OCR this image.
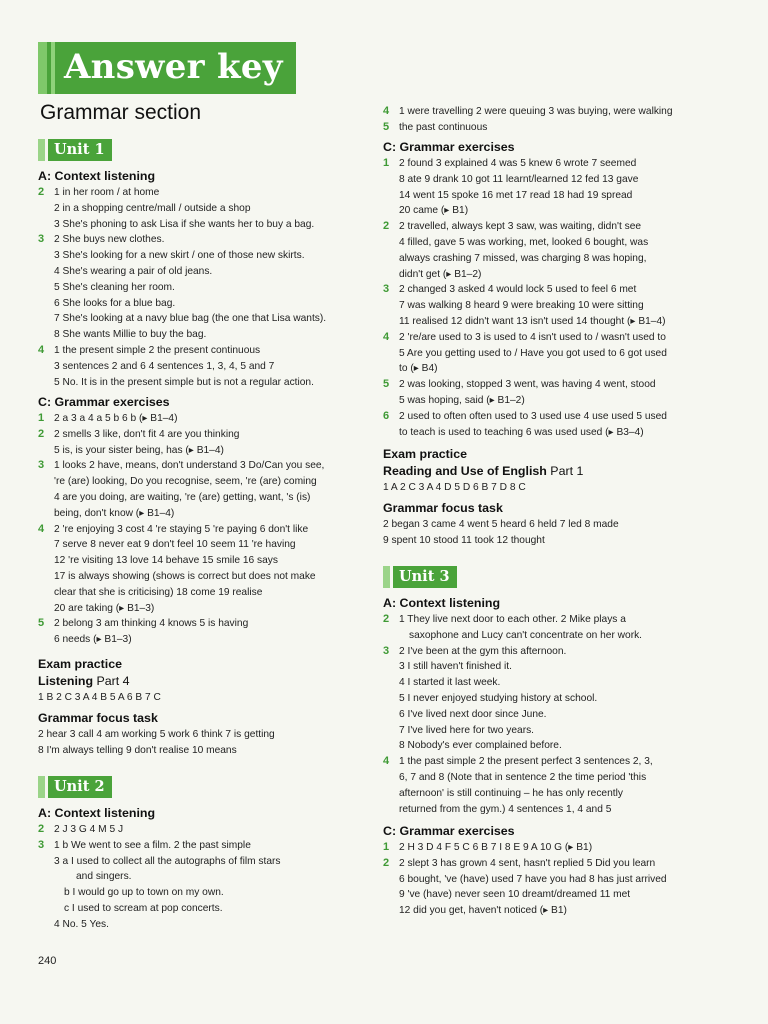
Answer key
Grammar section
Unit 1
A: Context listening
2 1 in her room / at home
2 in a shopping centre/mall / outside a shop
3 She's phoning to ask Lisa if she wants her to buy a bag.
3 2 She buys new clothes.
3 She's looking for a new skirt / one of those new skirts.
4 She's wearing a pair of old jeans.
5 She's cleaning her room.
6 She looks for a blue bag.
7 She's looking at a navy blue bag (the one that Lisa wants).
8 She wants Millie to buy the bag.
4 1 the present simple 2 the present continuous
3 sentences 2 and 6 4 sentences 1, 3, 4, 5 and 7
5 No. It is in the present simple but is not a regular action.
C: Grammar exercises
1 2 a 3 a 4 a 5 b 6 b (▸ B1–4)
2 2 smells 3 like, don't fit 4 are you thinking
5 is, is your sister being, has (▸ B1–4)
3 1 looks 2 have, means, don't understand 3 Do/Can you see,
're (are) looking, Do you recognise, seem, 're (are) coming
4 are you doing, are waiting, 're (are) getting, want, 's (is)
being, don't know (▸ B1–4)
4 2 're enjoying 3 cost 4 're staying 5 're paying 6 don't like
7 serve 8 never eat 9 don't feel 10 seem 11 're having
12 're visiting 13 love 14 behave 15 smile 16 says
17 is always showing (shows is correct but does not make
clear that she is criticising) 18 come 19 realise
20 are taking (▸ B1–3)
5 2 belong 3 am thinking 4 knows 5 is having
6 needs (▸ B1–3)
Exam practice
Listening Part 4
1 B 2 C 3 A 4 B 5 A 6 B 7 C
Grammar focus task
2 hear 3 call 4 am working 5 work 6 think 7 is getting
8 I'm always telling 9 don't realise 10 means
Unit 2
A: Context listening
2 2 J 3 G 4 M 5 J
3 1 b We went to see a film. 2 the past simple
3 a I used to collect all the autographs of film stars
and singers.
b I would go up to town on my own.
c I used to scream at pop concerts.
4 No. 5 Yes.
4 1 were travelling 2 were queuing 3 was buying, were walking
5 the past continuous
C: Grammar exercises
1 2 found 3 explained 4 was 5 knew 6 wrote 7 seemed
8 ate 9 drank 10 got 11 learnt/learned 12 fed 13 gave
14 went 15 spoke 16 met 17 read 18 had 19 spread
20 came (▸ B1)
2 2 travelled, always kept 3 saw, was waiting, didn't see
4 filled, gave 5 was working, met, looked 6 bought, was
always crashing 7 missed, was charging 8 was hoping,
didn't get (▸ B1–2)
3 2 changed 3 asked 4 would lock 5 used to feel 6 met
7 was walking 8 heard 9 were breaking 10 were sitting
11 realised 12 didn't want 13 isn't used 14 thought (▸ B1–4)
4 2 're/are used to 3 is used to 4 isn't used to / wasn't used to
5 Are you getting used to / Have you got used to 6 got used
to (▸ B4)
5 2 was looking, stopped 3 went, was having 4 went, stood
5 was hoping, said (▸ B1–2)
6 2 used to often often used to 3 used use 4 use used 5 used
to teach is used to teaching 6 was used used (▸ B3–4)
Exam practice
Reading and Use of English Part 1
1 A 2 C 3 A 4 D 5 D 6 B 7 D 8 C
Grammar focus task
2 began 3 came 4 went 5 heard 6 held 7 led 8 made
9 spent 10 stood 11 took 12 thought
Unit 3
A: Context listening
2 1 They live next door to each other. 2 Mike plays a
saxophone and Lucy can't concentrate on her work.
3 2 I've been at the gym this afternoon.
3 I still haven't finished it.
4 I started it last week.
5 I never enjoyed studying history at school.
6 I've lived next door since June.
7 I've lived here for two years.
8 Nobody's ever complained before.
4 1 the past simple 2 the present perfect 3 sentences 2, 3,
6, 7 and 8 (Note that in sentence 2 the time period 'this
afternoon' is still continuing – he has only recently
returned from the gym.) 4 sentences 1, 4 and 5
C: Grammar exercises
1 2 H 3 D 4 F 5 C 6 B 7 I 8 E 9 A 10 G (▸ B1)
2 2 slept 3 has grown 4 sent, hasn't replied 5 Did you learn
6 bought, 've (have) used 7 have you had 8 has just arrived
9 've (have) never seen 10 dreamt/dreamed 11 met
12 did you get, haven't noticed (▸ B1)
240
